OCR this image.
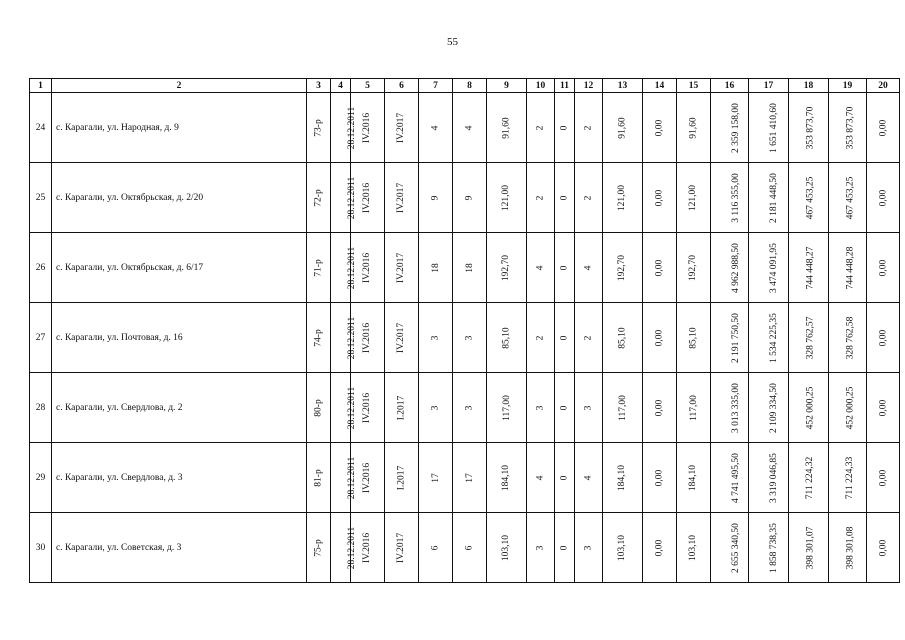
55
1	2	3	4	5	6	7	8	9	10	11	12	13	14	15	16	17	18	19	20
24	с. Карагали, ул. Народная, д. 9	73-р	28.12.2011	IV.2016	IV.2017	4	4	91,60	2	0	2	91,60	0,00	91,60	2 359 158,00	1 651 410,60	353 873,70	353 873,70	0,00
25	с. Карагали, ул. Октябрьская, д. 2/20	72-р	28.12.2011	IV.2016	IV.2017	9	9	121,00	2	0	2	121,00	0,00	121,00	3 116 355,00	2 181 448,50	467 453,25	467 453,25	0,00
26	с. Карагали, ул. Октябрьская, д. 6/17	71-р	28.12.2011	IV.2016	IV.2017	18	18	192,70	4	0	4	192,70	0,00	192,70	4 962 988,50	3 474 091,95	744 448,27	744 448,28	0,00
27	с. Карагали, ул. Почтовая, д. 16	74-р	28.12.2011	IV.2016	IV.2017	3	3	85,10	2	0	2	85,10	0,00	85,10	2 191 750,50	1 534 225,35	328 762,57	328 762,58	0,00
28	с. Карагали, ул. Свердлова, д. 2	80-р	28.12.2011	IV.2016	I.2017	3	3	117,00	3	0	3	117,00	0,00	117,00	3 013 335,00	2 109 334,50	452 000,25	452 000,25	0,00
29	с. Карагали, ул. Свердлова, д. 3	81-р	28.12.2011	IV.2016	I.2017	17	17	184,10	4	0	4	184,10	0,00	184,10	4 741 495,50	3 319 046,85	711 224,32	711 224,33	0,00
30	с. Карагали, ул. Советская, д. 3	75-р	28.12.2011	IV.2016	IV.2017	6	6	103,10	3	0	3	103,10	0,00	103,10	2 655 340,50	1 858 738,35	398 301,07	398 301,08	0,00
